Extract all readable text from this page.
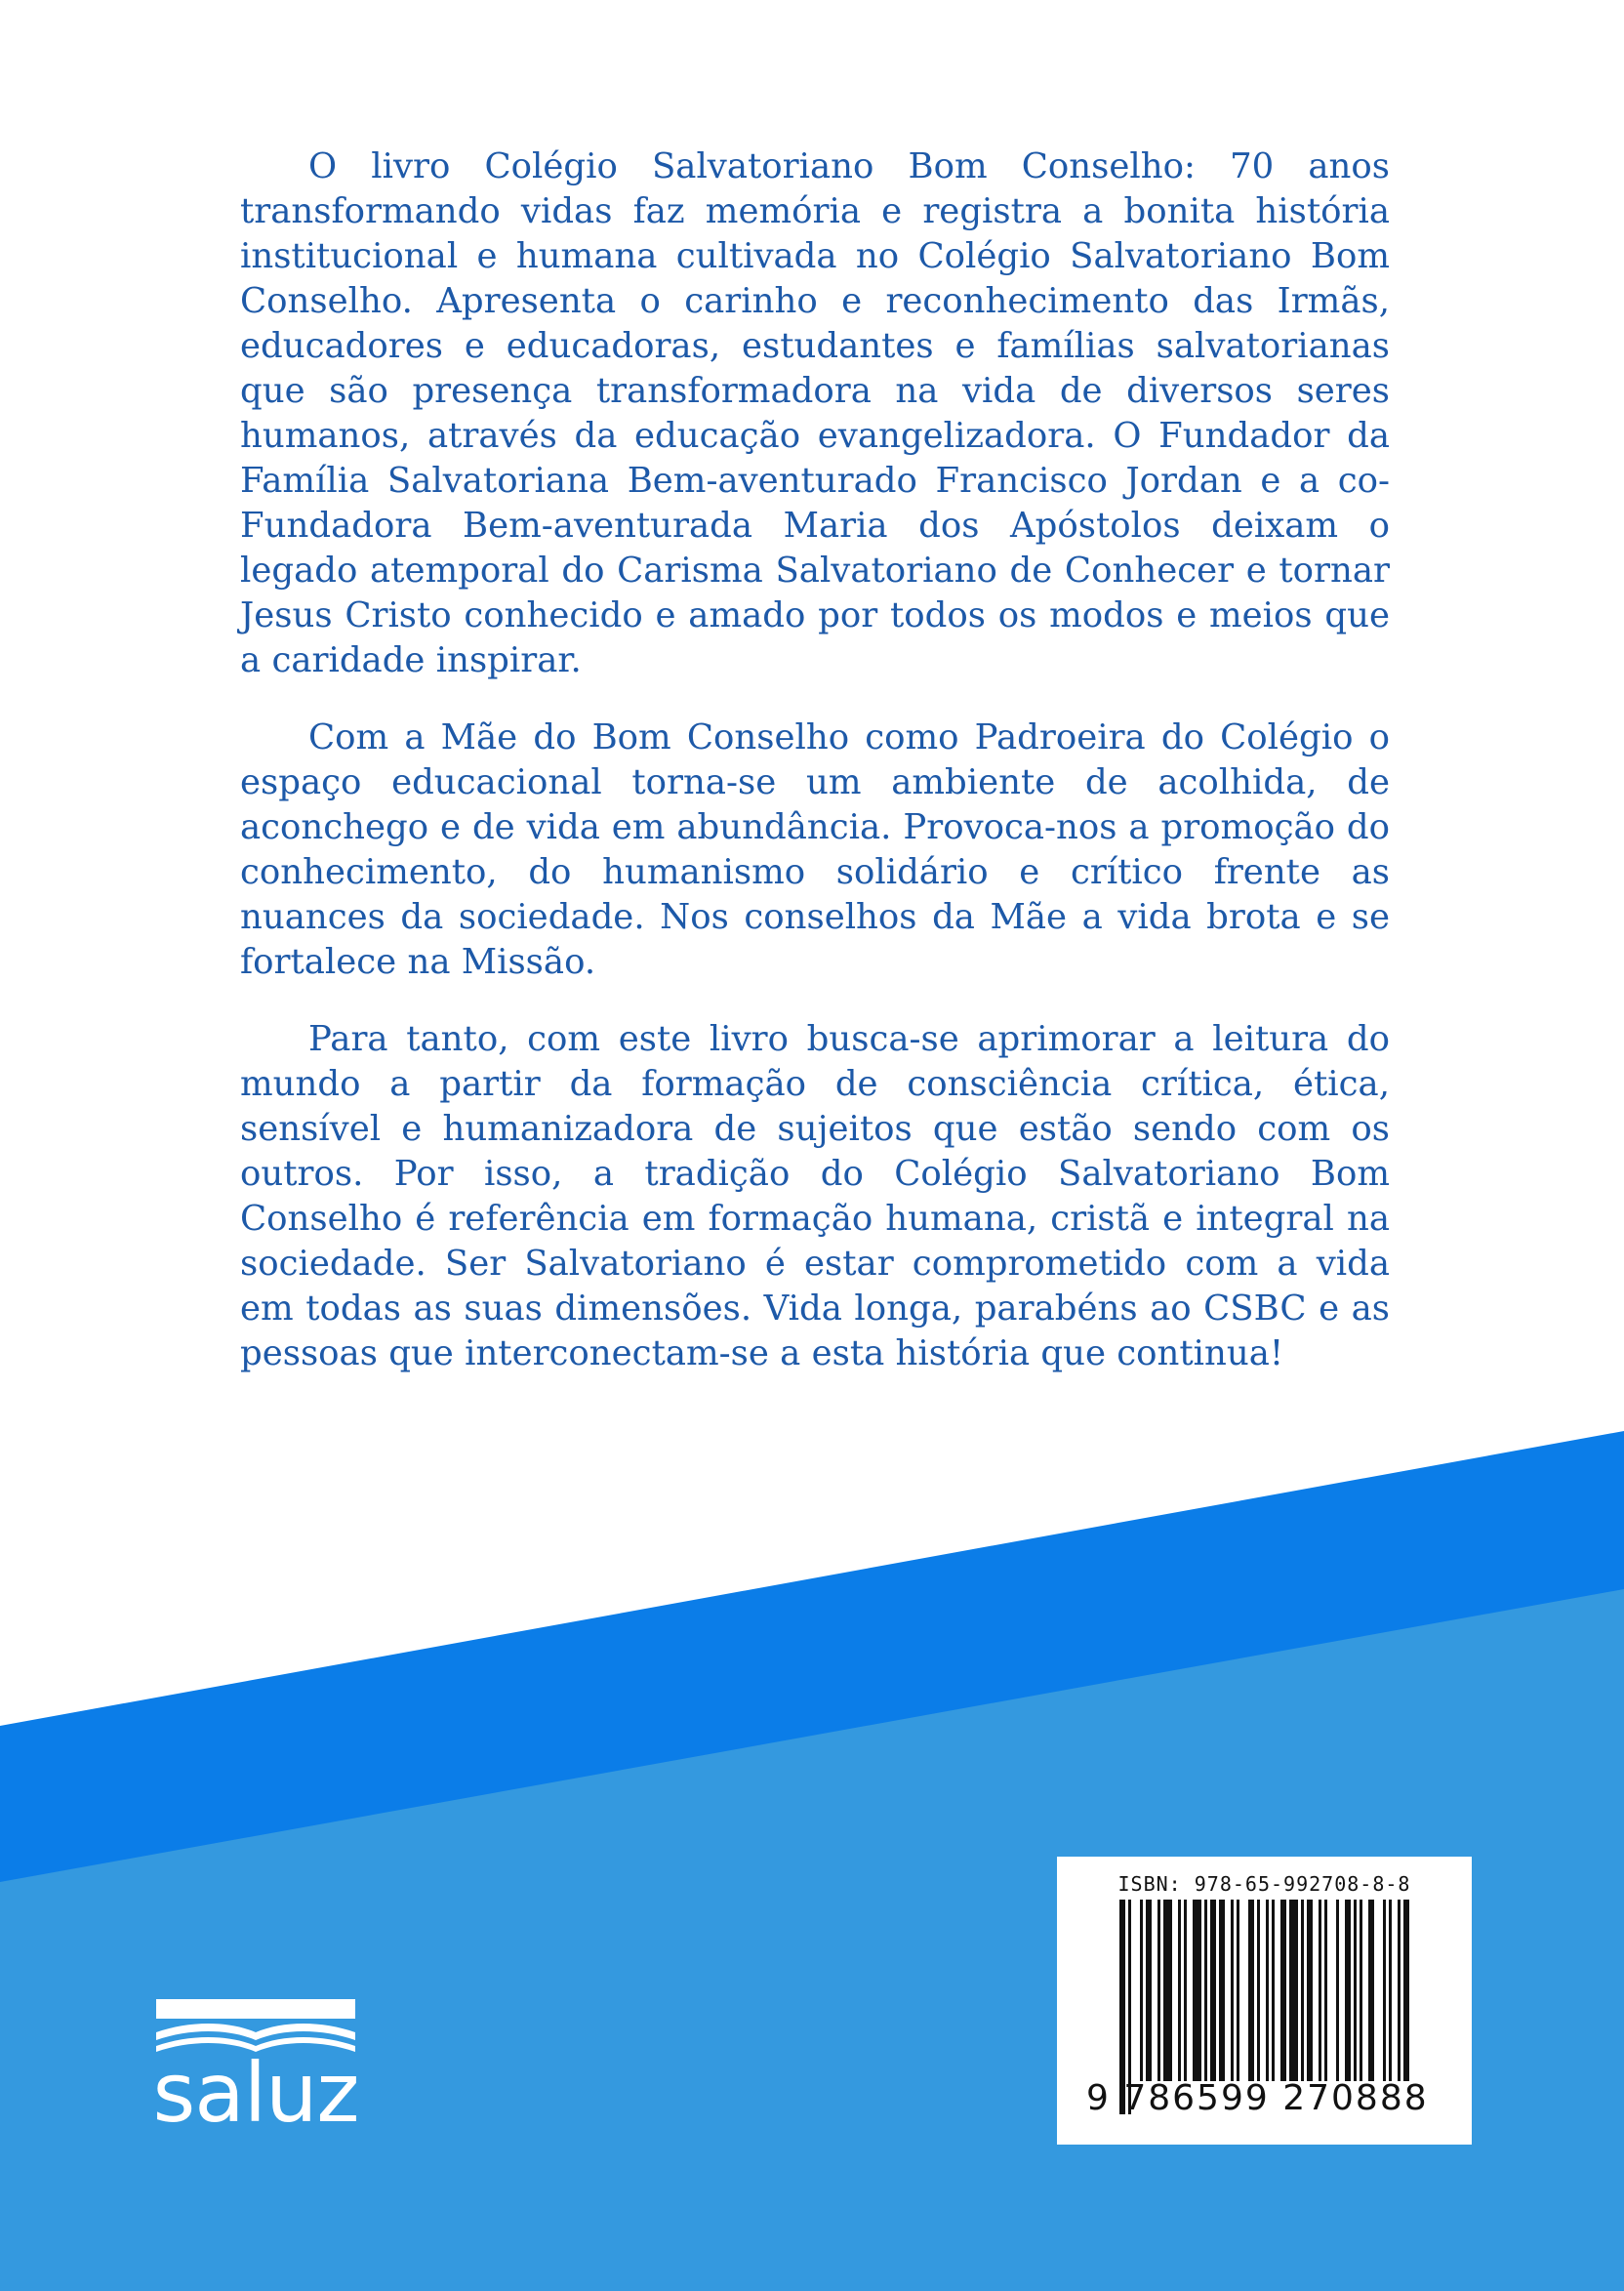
O livro Colégio Salvatoriano Bom Conselho: 70 anos transformando vidas faz memória e registra a bonita história institucional e humana cultivada no Colégio Salvatoriano Bom Conselho. Apresenta o carinho e reconhecimento das Irmãs, educadores e educadoras, estudantes e famílias salvatorianas que são presença transformadora na vida de diversos seres humanos, através da educação evangelizadora. O Fundador da Família Salvatoriana Bem-aventurado Francisco Jordan e a co-Fundadora Bem-aventurada Maria dos Apóstolos deixam o legado atemporal do Carisma Salvatoriano de Conhecer e tornar Jesus Cristo conhecido e amado por todos os modos e meios que a caridade inspirar.

Com a Mãe do Bom Conselho como Padroeira do Colégio o espaço educacional torna-se um ambiente de acolhida, de aconchego e de vida em abundância. Provoca-nos a promoção do conhecimento, do humanismo solidário e crítico frente as nuances da sociedade. Nos conselhos da Mãe a vida brota e se fortalece na Missão.

Para tanto, com este livro busca-se aprimorar a leitura do mundo a partir da formação de consciência crítica, ética, sensível e humanizadora de sujeitos que estão sendo com os outros. Por isso, a tradição do Colégio Salvatoriano Bom Conselho é referência em formação humana, cristã e integral na sociedade. Ser Salvatoriano é estar comprometido com a vida em todas as suas dimensões. Vida longa, parabéns ao CSBC e as pessoas que interconectam-se a esta história que continua!

saluz
ISBN: 978-65-992708-8-8
9 786599 270888
